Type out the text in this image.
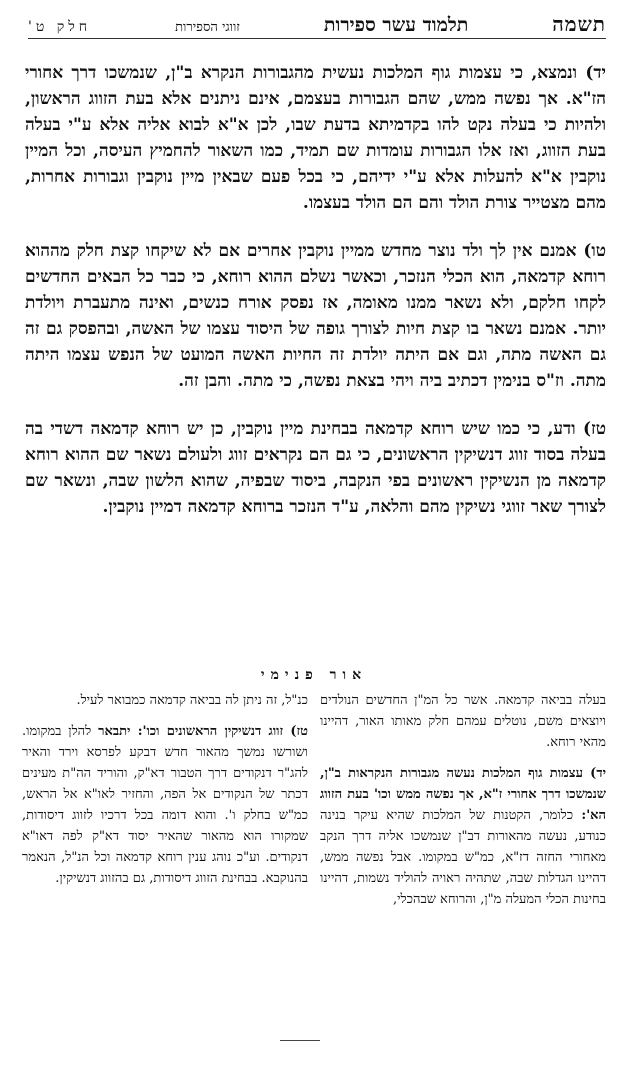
תשמה
תלמוד עשר ספירות
זווגי הספירות
חלק ט'

יד) ונמצא, כי עצמות גוף המלכות נעשית מהגבורות הנקרא ב"ן, שנמשכו דרך אחורי הז"א. אך נפשה ממש, שהם הגבורות בעצמם, אינם ניתנים אלא בעת הזווג הראשון, ולהיות כי בעלה נקט להו בקדמיתא בדעת שבו, לכן א"א לבוא אליה אלא ע"י בעלה בעת הזווג, ואז אלו הגבורות עומדות שם תמיד, כמו השאור להחמיץ העיסה, וכל המיין נוקבין א"א להעלות אלא ע"י ידיהם, כי בכל פעם שבאין מיין נוקבין וגבורות אחרות, מהם מצטייר צורת הולד והם הם הולד בעצמו.

טו) אמנם אין לך ולד נוצר מחדש ממיין נוקבין אחרים אם לא שיקחו קצת חלק מההוא רוחא קדמאה, הוא הכלי הנזכר, וכאשר נשלם ההוא רוחא, כי כבר כל הבאים החדשים לקחו חלקם, ולא נשאר ממנו מאומה, אז נפסק אורח כנשים, ואינה מתעברת ויולדת יותר. אמנם נשאר בו קצת חיות לצורך גופה של היסוד עצמו של האשה, ובהפסק גם זה גם האשה מתה, וגם אם היתה יולדת זה החיות האשה המועט של הנפש עצמו היתה מתה. וז"ס בנימין דכתיב ביה ויהי בצאת נפשה, כי מתה. והבן זה.

טז) ודע, כי כמו שיש רוחא קדמאה בבחינת מיין נוקבין, כן יש רוחא קדמאה דשדי בה בעלה בסוד זווג דנשיקין הראשונים, כי גם הם נקראים זווג ולעולם נשאר שם ההוא רוחא קדמאה מן הנשיקין ראשונים בפי הנקבה, ביסוד שבפיה, שהוא הלשון שבה, ונשאר שם לצורך שאר זווגי נשיקין מהם והלאה, ע"ד הנזכר ברוחא קדמאה דמיין נוקבין.

אור פנימי

בעלה בביאה קדמאה. אשר כל המ"ן החדשים הנולדים ויוצאים משם, נוטלים עמהם חלק מאותו האור, דהיינו מהאי רוחא.

יד) עצמות גוף המלכות נעשה מגבורות הנקראות ב"ן, שנמשכו דרך אחורי ז"א, אך נפשה ממש וכו' בעת הזווג הא': כלומר, הקטנות של המלכות שהיא עיקר בנינה כנודע, נעשה מהאורות דב"ן שנמשכו אליה דרך הנקב מאחורי החזה דז"א, כמ"ש במקומו. אבל נפשה ממש, דהיינו הגדלות שבה, שתהיה ראויה להוליד נשמות, דהיינו בחינות הכלי המעלה מ"ן, והרוחא שבהכלי,

כנ"ל, זה ניתן לה בביאה קדמאה כמבואר לעיל.

טז) זווג דנשיקין הראשונים וכו': יתבאר להלן במקומו. ושורשו נמשך מהאור חדש דבקע לפרסא וירד והאיר להג"ר דנקודים דרך הטבור דא"ק, והוריד הה"ת מעינים דכתר של הנקודים אל הפה, והחזיר לאו"א אל הראש, כמ"ש בחלק ו'. והוא דומה בכל דרכיו לזווג דיסודות, שמקורו הוא מהאור שהאיר יסוד דא"ק לפה דאו"א דנקודים. וע"כ נוהג ענין רוחא קדמאה וכל הנ"ל, הנאמר בהנוקבא. בבחינת הזווג דיסודות, גם בהזווג דנשיקין.
